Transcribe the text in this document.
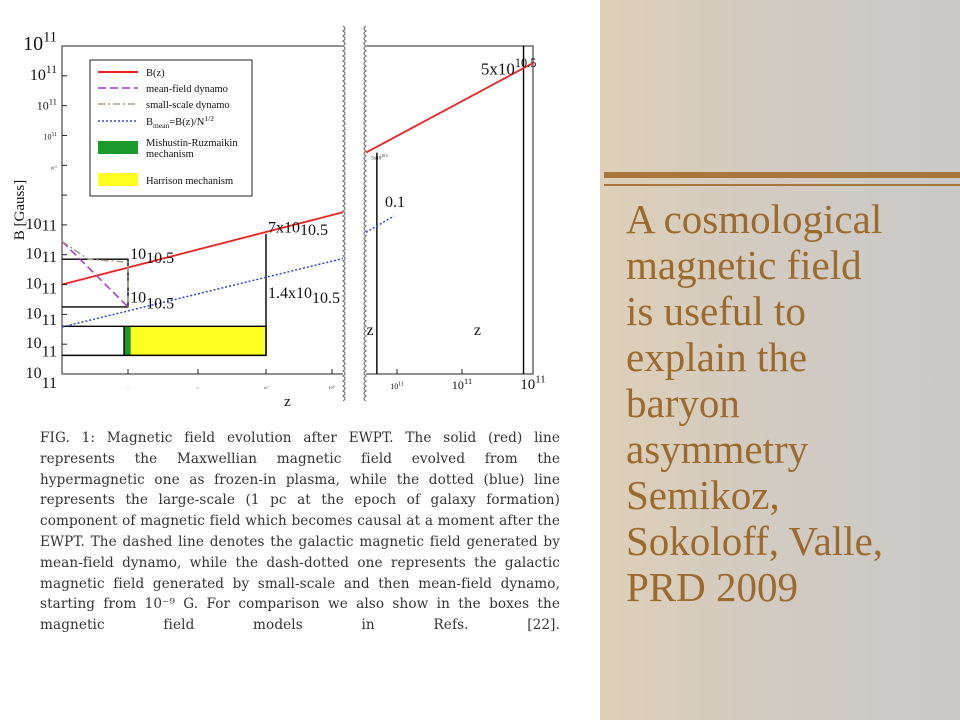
$10^{11}$
$10^{11}$
$10^{11}$
$10^{11}$
$10^{11}$
1011
1011
1011
1011
1011
1011	10	$10^{11}$	$10^{11}$	$10^{11}$	$10^{11}$	$10^{11}$	$10^{11}$
z
B [Gauss]
1010.5
1010.5
7x1010.5
1.4x1010.5
$5x10^{10.5}$
0.1
$5x10^{10.5}$
z	z
B(z)
mean-field dynamo
small-scale dynamo
$B_{mean}=B(z)/N^{1/2}$
Mishustin-Ruzmaikin
mechanism
Harrison mechanism

FIG. 1: Magnetic field evolution after EWPT. The solid (red) line represents the Maxwellian magnetic field evolved from the hypermagnetic one as frozen-in plasma, while the dotted (blue) line represents the large-scale (1 pc at the epoch of galaxy formation) component of magnetic field which becomes causal at a moment after the EWPT. The dashed line denotes the galactic magnetic field generated by mean-field dynamo, while the dash-dotted one represents the galactic magnetic field generated by small-scale and then mean-field dynamo, starting from 10⁻⁹ G. For comparison we also show in the boxes the magnetic field models in Refs. [22].

A cosmological
magnetic field
is useful to
explain the
baryon
asymmetry
Semikoz,
Sokoloff, Valle,
PRD 2009
